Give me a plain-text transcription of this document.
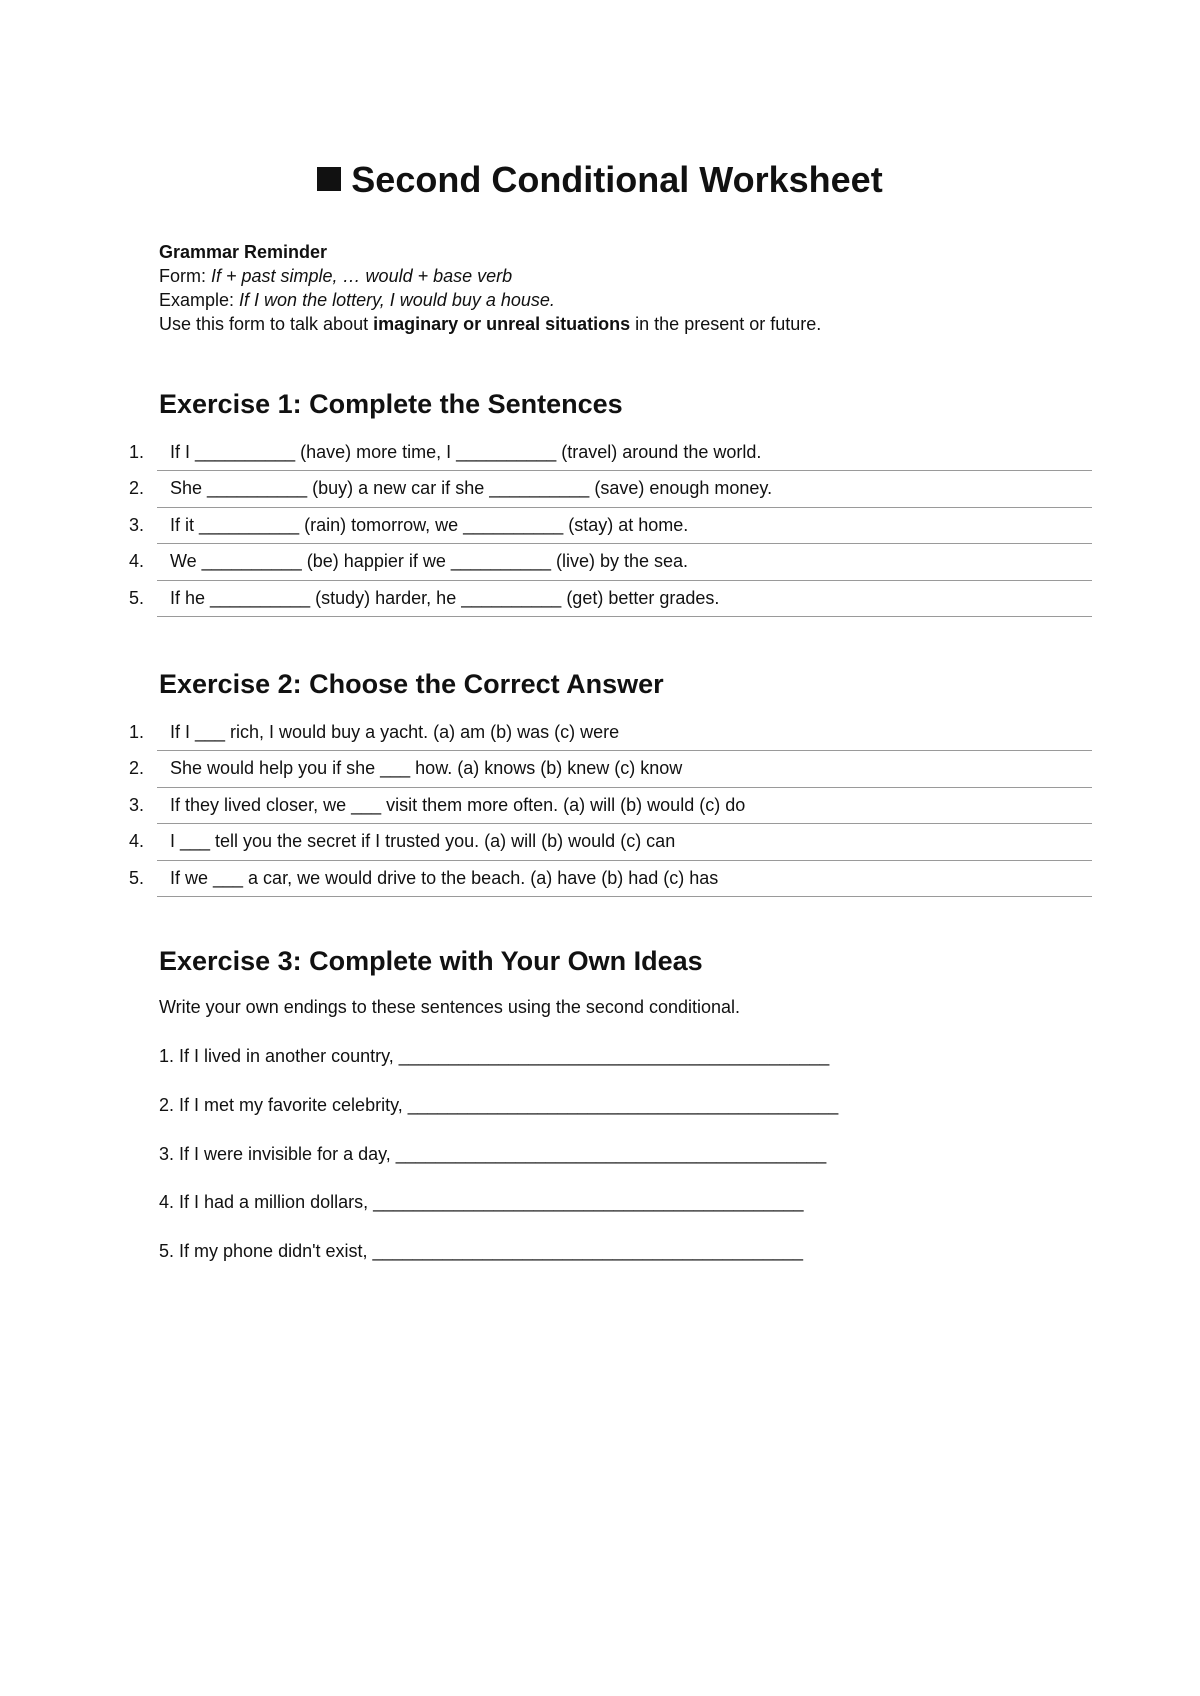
Second Conditional Worksheet
Grammar Reminder
Form: If + past simple, … would + base verb
Example: If I won the lottery, I would buy a house.
Use this form to talk about imaginary or unreal situations in the present or future.
Exercise 1: Complete the Sentences
1. If I __________ (have) more time, I __________ (travel) around the world.
2. She __________ (buy) a new car if she __________ (save) enough money.
3. If it __________ (rain) tomorrow, we __________ (stay) at home.
4. We __________ (be) happier if we __________ (live) by the sea.
5. If he __________ (study) harder, he __________ (get) better grades.
Exercise 2: Choose the Correct Answer
1. If I ___ rich, I would buy a yacht. (a) am (b) was (c) were
2. She would help you if she ___ how. (a) knows (b) knew (c) know
3. If they lived closer, we ___ visit them more often. (a) will (b) would (c) do
4. I ___ tell you the secret if I trusted you. (a) will (b) would (c) can
5. If we ___ a car, we would drive to the beach. (a) have (b) had (c) has
Exercise 3: Complete with Your Own Ideas
Write your own endings to these sentences using the second conditional.
1. If I lived in another country, ___________________________________________
2. If I met my favorite celebrity, ___________________________________________
3. If I were invisible for a day, ___________________________________________
4. If I had a million dollars, ___________________________________________
5. If my phone didn't exist, ___________________________________________
